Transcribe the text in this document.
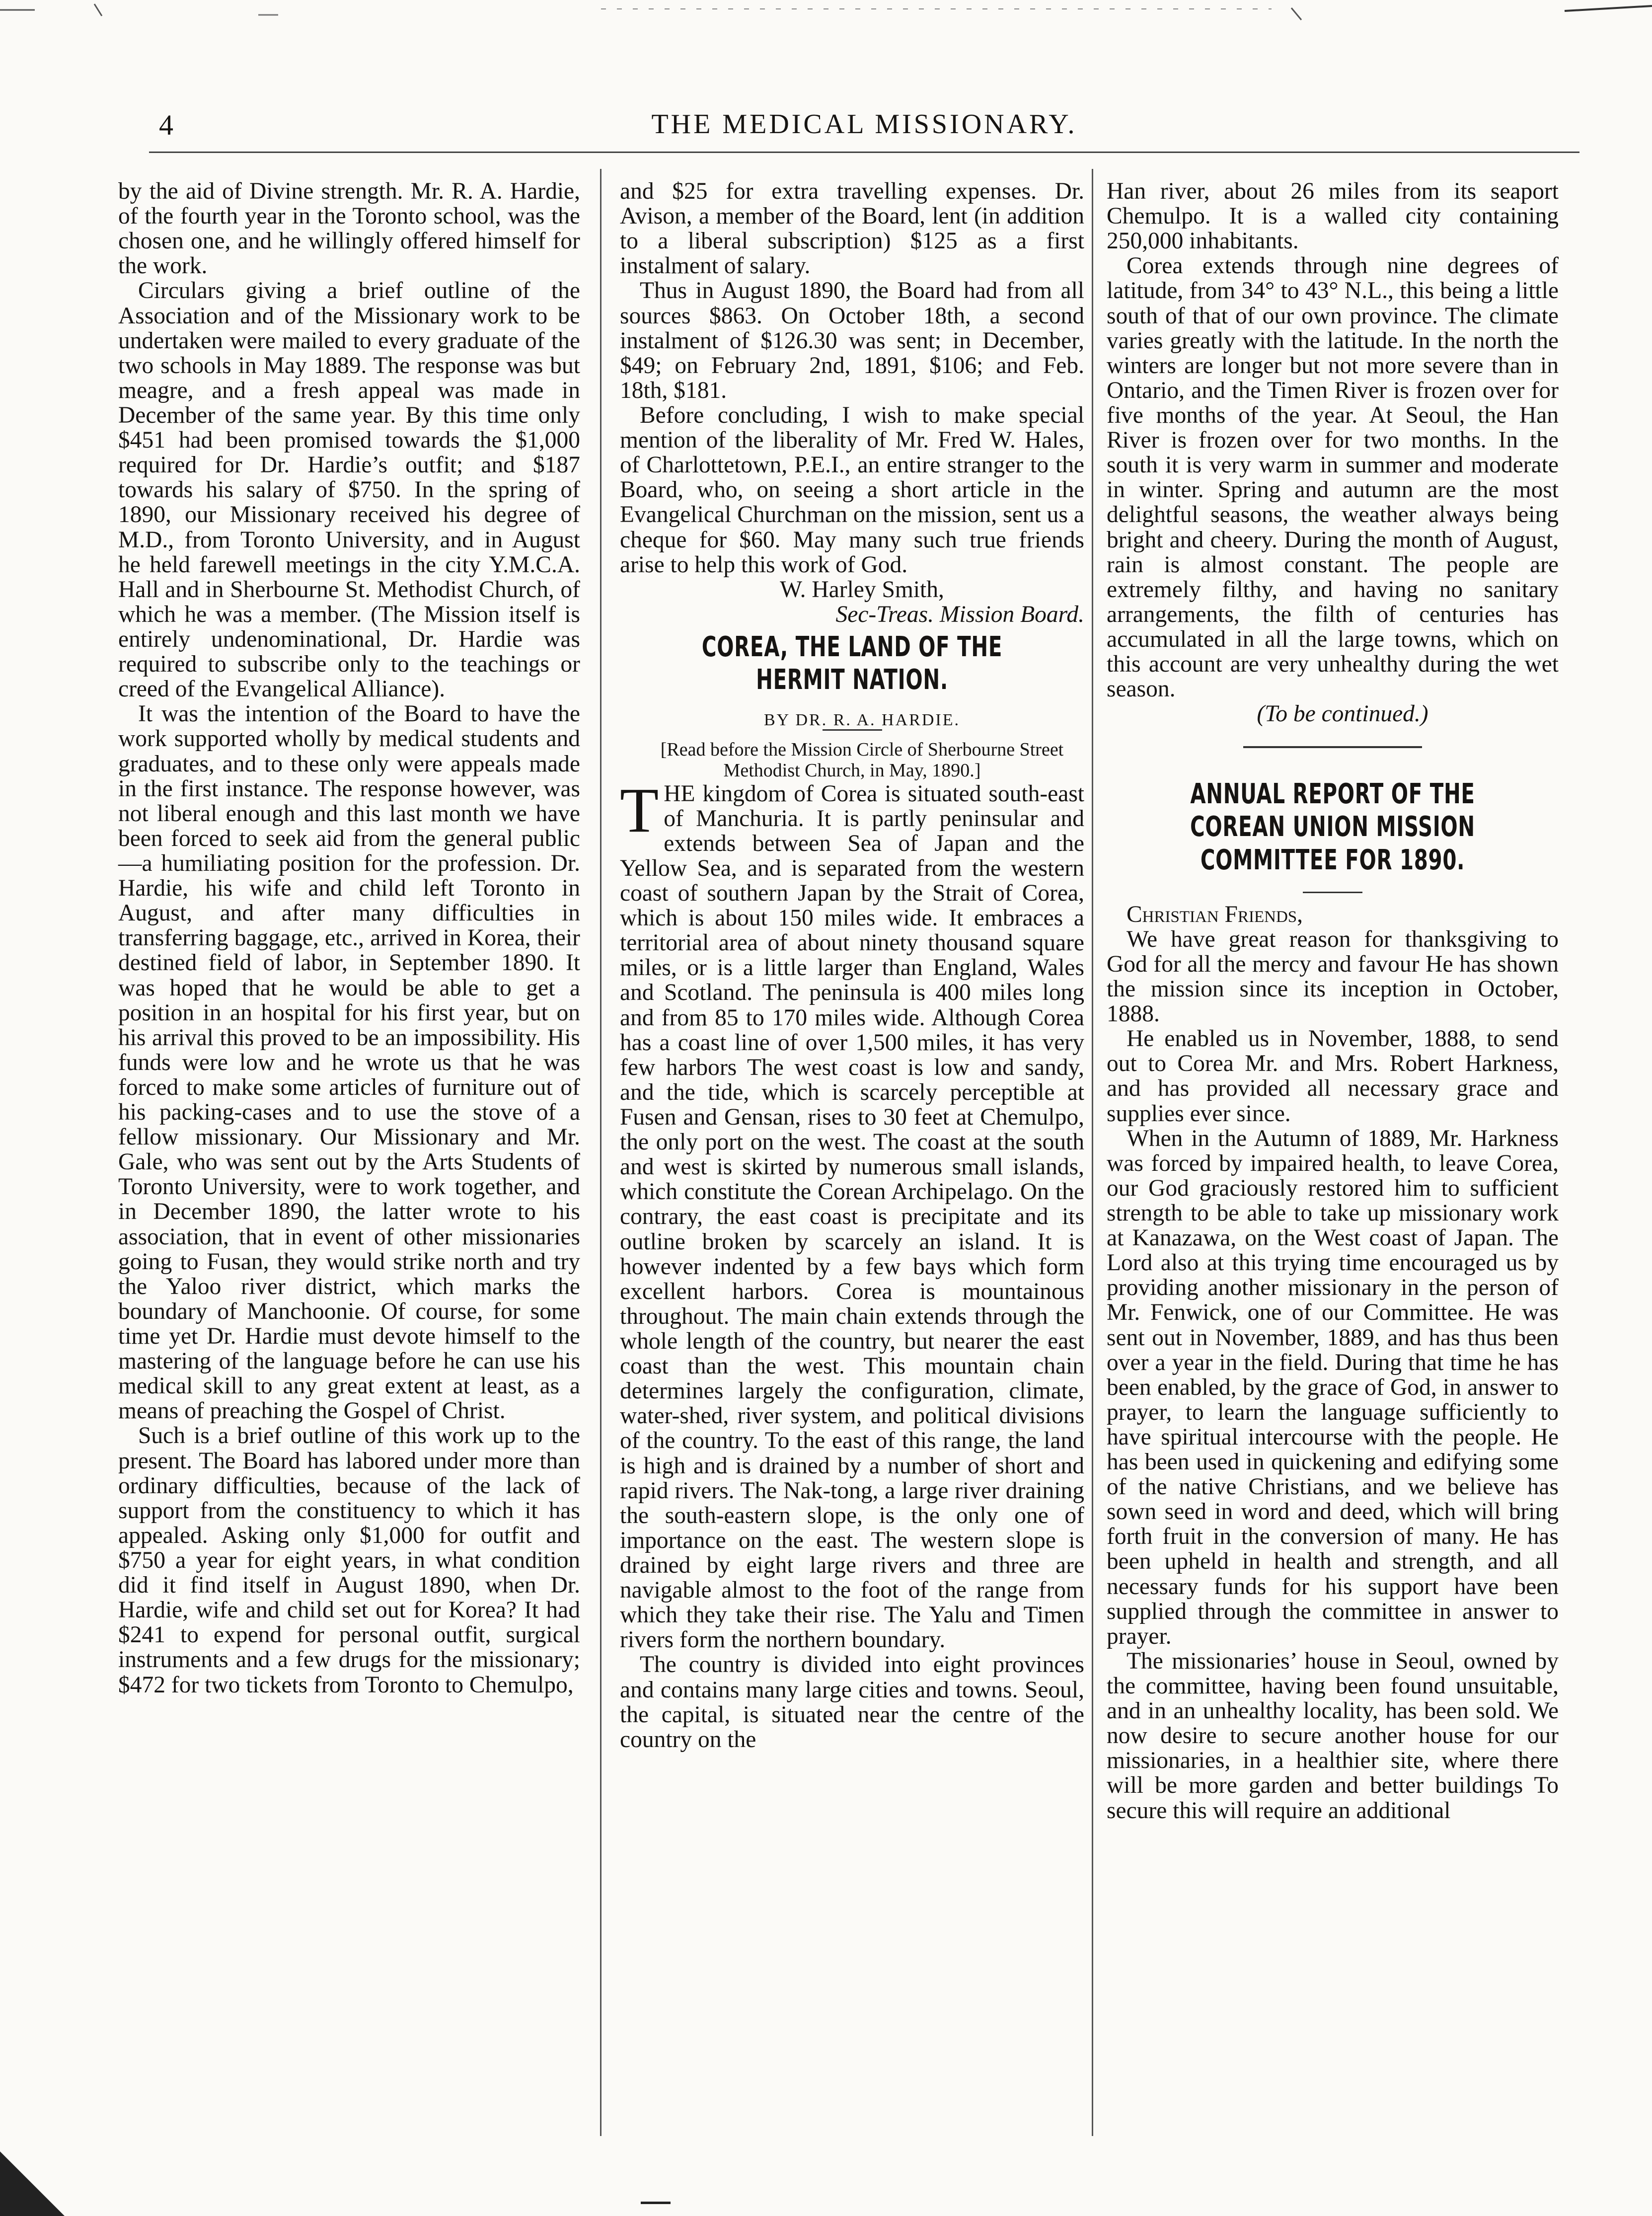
4	THE MEDICAL MISSIONARY.

by the aid of Divine strength. Mr. R. A. Hardie, of the fourth year in the Toronto school, was the chosen one, and he willingly offered himself for the work.

Circulars giving a brief outline of the Association and of the Missionary work to be undertaken were mailed to every graduate of the two schools in May 1889. The response was but meagre, and a fresh appeal was made in December of the same year. By this time only $451 had been promised towards the $1,000 required for Dr. Hardie’s outfit; and $187 towards his salary of $750. In the spring of 1890, our Missionary received his degree of M.D., from Toronto University, and in August he held farewell meetings in the city Y.M.C.A. Hall and in Sherbourne St. Methodist Church, of which he was a member. (The Mission itself is entirely undenominational, Dr. Hardie was required to subscribe only to the teachings or creed of the Evangelical Alliance).

It was the intention of the Board to have the work supported wholly by medical students and graduates, and to these only were appeals made in the first instance. The response however, was not liberal enough and this last month we have been forced to seek aid from the general public—a humiliating position for the profession. Dr. Hardie, his wife and child left Toronto in August, and after many difficulties in transferring baggage, etc., arrived in Korea, their destined field of labor, in September 1890. It was hoped that he would be able to get a position in an hospital for his first year, but on his arrival this proved to be an impossibility. His funds were low and he wrote us that he was forced to make some articles of furniture out of his packing-cases and to use the stove of a fellow missionary. Our Missionary and Mr. Gale, who was sent out by the Arts Students of Toronto University, were to work together, and in December 1890, the latter wrote to his association, that in event of other missionaries going to Fusan, they would strike north and try the Yaloo river district, which marks the boundary of Manchoonie. Of course, for some time yet Dr. Hardie must devote himself to the mastering of the language before he can use his medical skill to any great extent at least, as a means of preaching the Gospel of Christ.

Such is a brief outline of this work up to the present. The Board has labored under more than ordinary difficulties, because of the lack of support from the constituency to which it has appealed. Asking only $1,000 for outfit and $750 a year for eight years, in what condition did it find itself in August 1890, when Dr. Hardie, wife and child set out for Korea? It had $241 to expend for personal outfit, surgical instruments and a few drugs for the missionary; $472 for two tickets from Toronto to Chemulpo,

and $25 for extra travelling expenses. Dr. Avison, a member of the Board, lent (in addition to a liberal subscription) $125 as a first instalment of salary.

Thus in August 1890, the Board had from all sources $863. On October 18th, a second instalment of $126.30 was sent; in December, $49; on February 2nd, 1891, $106; and Feb. 18th, $181.

Before concluding, I wish to make special mention of the liberality of Mr. Fred W. Hales, of Charlottetown, P.E.I., an entire stranger to the Board, who, on seeing a short article in the Evangelical Churchman on the mission, sent us a cheque for $60. May many such true friends arise to help this work of God.

W. Harley Smith,

Sec-Treas. Mission Board.

COREA, THE LAND OF THE HERMIT NATION.

BY DR. R. A. HARDIE.

[Read before the Mission Circle of Sherbourne Street Methodist Church, in May, 1890.]

THE kingdom of Corea is situated south-east of Manchuria. It is partly peninsular and extends between Sea of Japan and the Yellow Sea, and is separated from the western coast of southern Japan by the Strait of Corea, which is about 150 miles wide. It embraces a territorial area of about ninety thousand square miles, or is a little larger than England, Wales and Scotland. The peninsula is 400 miles long and from 85 to 170 miles wide. Although Corea has a coast line of over 1,500 miles, it has very few harbors The west coast is low and sandy, and the tide, which is scarcely perceptible at Fusen and Gensan, rises to 30 feet at Chemulpo, the only port on the west. The coast at the south and west is skirted by numerous small islands, which constitute the Corean Archipelago. On the contrary, the east coast is precipitate and its outline broken by scarcely an island. It is however indented by a few bays which form excellent harbors. Corea is mountainous throughout. The main chain extends through the whole length of the country, but nearer the east coast than the west. This mountain chain determines largely the configuration, climate, water-shed, river system, and political divisions of the country. To the east of this range, the land is high and is drained by a number of short and rapid rivers. The Nak-tong, a large river draining the south-eastern slope, is the only one of importance on the east. The western slope is drained by eight large rivers and three are navigable almost to the foot of the range from which they take their rise. The Yalu and Timen rivers form the northern boundary.

The country is divided into eight provinces and contains many large cities and towns. Seoul, the capital, is situated near the centre of the country on the

Han river, about 26 miles from its seaport Chemulpo. It is a walled city containing 250,000 inhabitants.

Corea extends through nine degrees of latitude, from 34° to 43° N.L., this being a little south of that of our own province. The climate varies greatly with the latitude. In the north the winters are longer but not more severe than in Ontario, and the Timen River is frozen over for five months of the year. At Seoul, the Han River is frozen over for two months. In the south it is very warm in summer and moderate in winter. Spring and autumn are the most delightful seasons, the weather always being bright and cheery. During the month of August, rain is almost constant. The people are extremely filthy, and having no sanitary arrangements, the filth of centuries has accumulated in all the large towns, which on this account are very unhealthy during the wet season.

(To be continued.)

ANNUAL REPORT OF THE COREAN UNION MISSION COMMITTEE FOR 1890.

Christian Friends,

We have great reason for thanksgiving to God for all the mercy and favour He has shown the mission since its inception in October, 1888.

He enabled us in November, 1888, to send out to Corea Mr. and Mrs. Robert Harkness, and has provided all necessary grace and supplies ever since.

When in the Autumn of 1889, Mr. Harkness was forced by impaired health, to leave Corea, our God graciously restored him to sufficient strength to be able to take up missionary work at Kanazawa, on the West coast of Japan. The Lord also at this trying time encouraged us by providing another missionary in the person of Mr. Fenwick, one of our Committee. He was sent out in November, 1889, and has thus been over a year in the field. During that time he has been enabled, by the grace of God, in answer to prayer, to learn the language sufficiently to have spiritual intercourse with the people. He has been used in quickening and edifying some of the native Christians, and we believe has sown seed in word and deed, which will bring forth fruit in the conversion of many. He has been upheld in health and strength, and all necessary funds for his support have been supplied through the committee in answer to prayer.

The missionaries’ house in Seoul, owned by the committee, having been found unsuitable, and in an unhealthy locality, has been sold. We now desire to secure another house for our missionaries, in a healthier site, where there will be more garden and better buildings To secure this will require an additional
